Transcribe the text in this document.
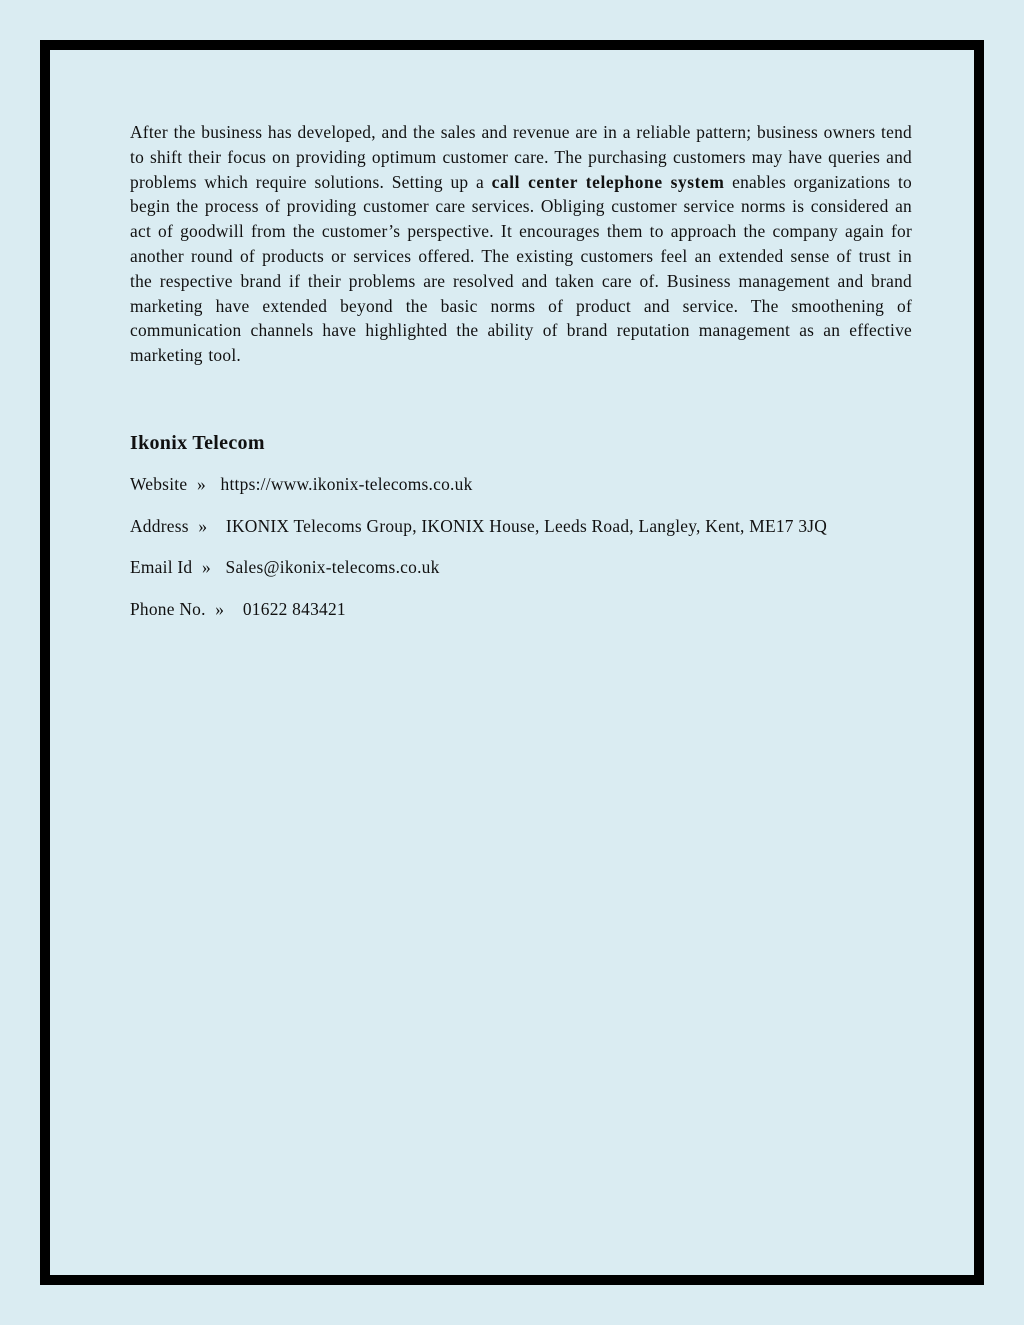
After the business has developed, and the sales and revenue are in a reliable pattern; business owners tend to shift their focus on providing optimum customer care. The purchasing customers may have queries and problems which require solutions. Setting up a call center telephone system enables organizations to begin the process of providing customer care services. Obliging customer service norms is considered an act of goodwill from the customer’s perspective. It encourages them to approach the company again for another round of products or services offered. The existing customers feel an extended sense of trust in the respective brand if their problems are resolved and taken care of. Business management and brand marketing have extended beyond the basic norms of product and service. The smoothening of communication channels have highlighted the ability of brand reputation management as an effective marketing tool.

Ikonix Telecom
Website » https://www.ikonix-telecoms.co.uk
Address » IKONIX Telecoms Group, IKONIX House, Leeds Road, Langley, Kent, ME17 3JQ
Email Id » Sales@ikonix-telecoms.co.uk
Phone No. » 01622 843421
